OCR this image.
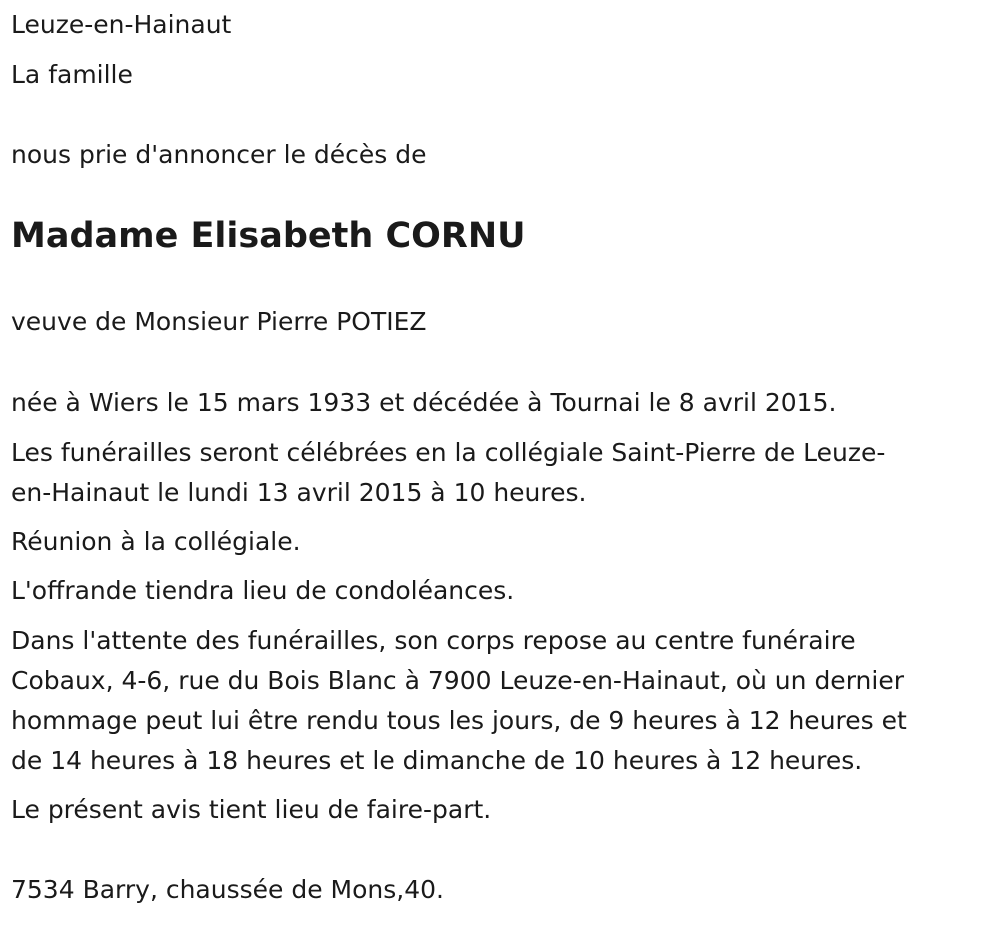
Leuze-en-Hainaut

La famille

nous prie d'annoncer le décès de

Madame Elisabeth CORNU

veuve de Monsieur Pierre POTIEZ

née à Wiers le 15 mars 1933 et décédée à Tournai le 8 avril 2015.

Les funérailles seront célébrées en la collégiale Saint-Pierre de Leuze-

en-Hainaut le lundi 13 avril 2015 à 10 heures.

Réunion à la collégiale.

L'offrande tiendra lieu de condoléances.

Dans l'attente des funérailles, son corps repose au centre funéraire

Cobaux, 4-6, rue du Bois Blanc à 7900 Leuze-en-Hainaut, où un dernier

hommage peut lui être rendu tous les jours, de 9 heures à 12 heures et

de 14 heures à 18 heures et le dimanche de 10 heures à 12 heures.

Le présent avis tient lieu de faire-part.

7534 Barry, chaussée de Mons,40.
